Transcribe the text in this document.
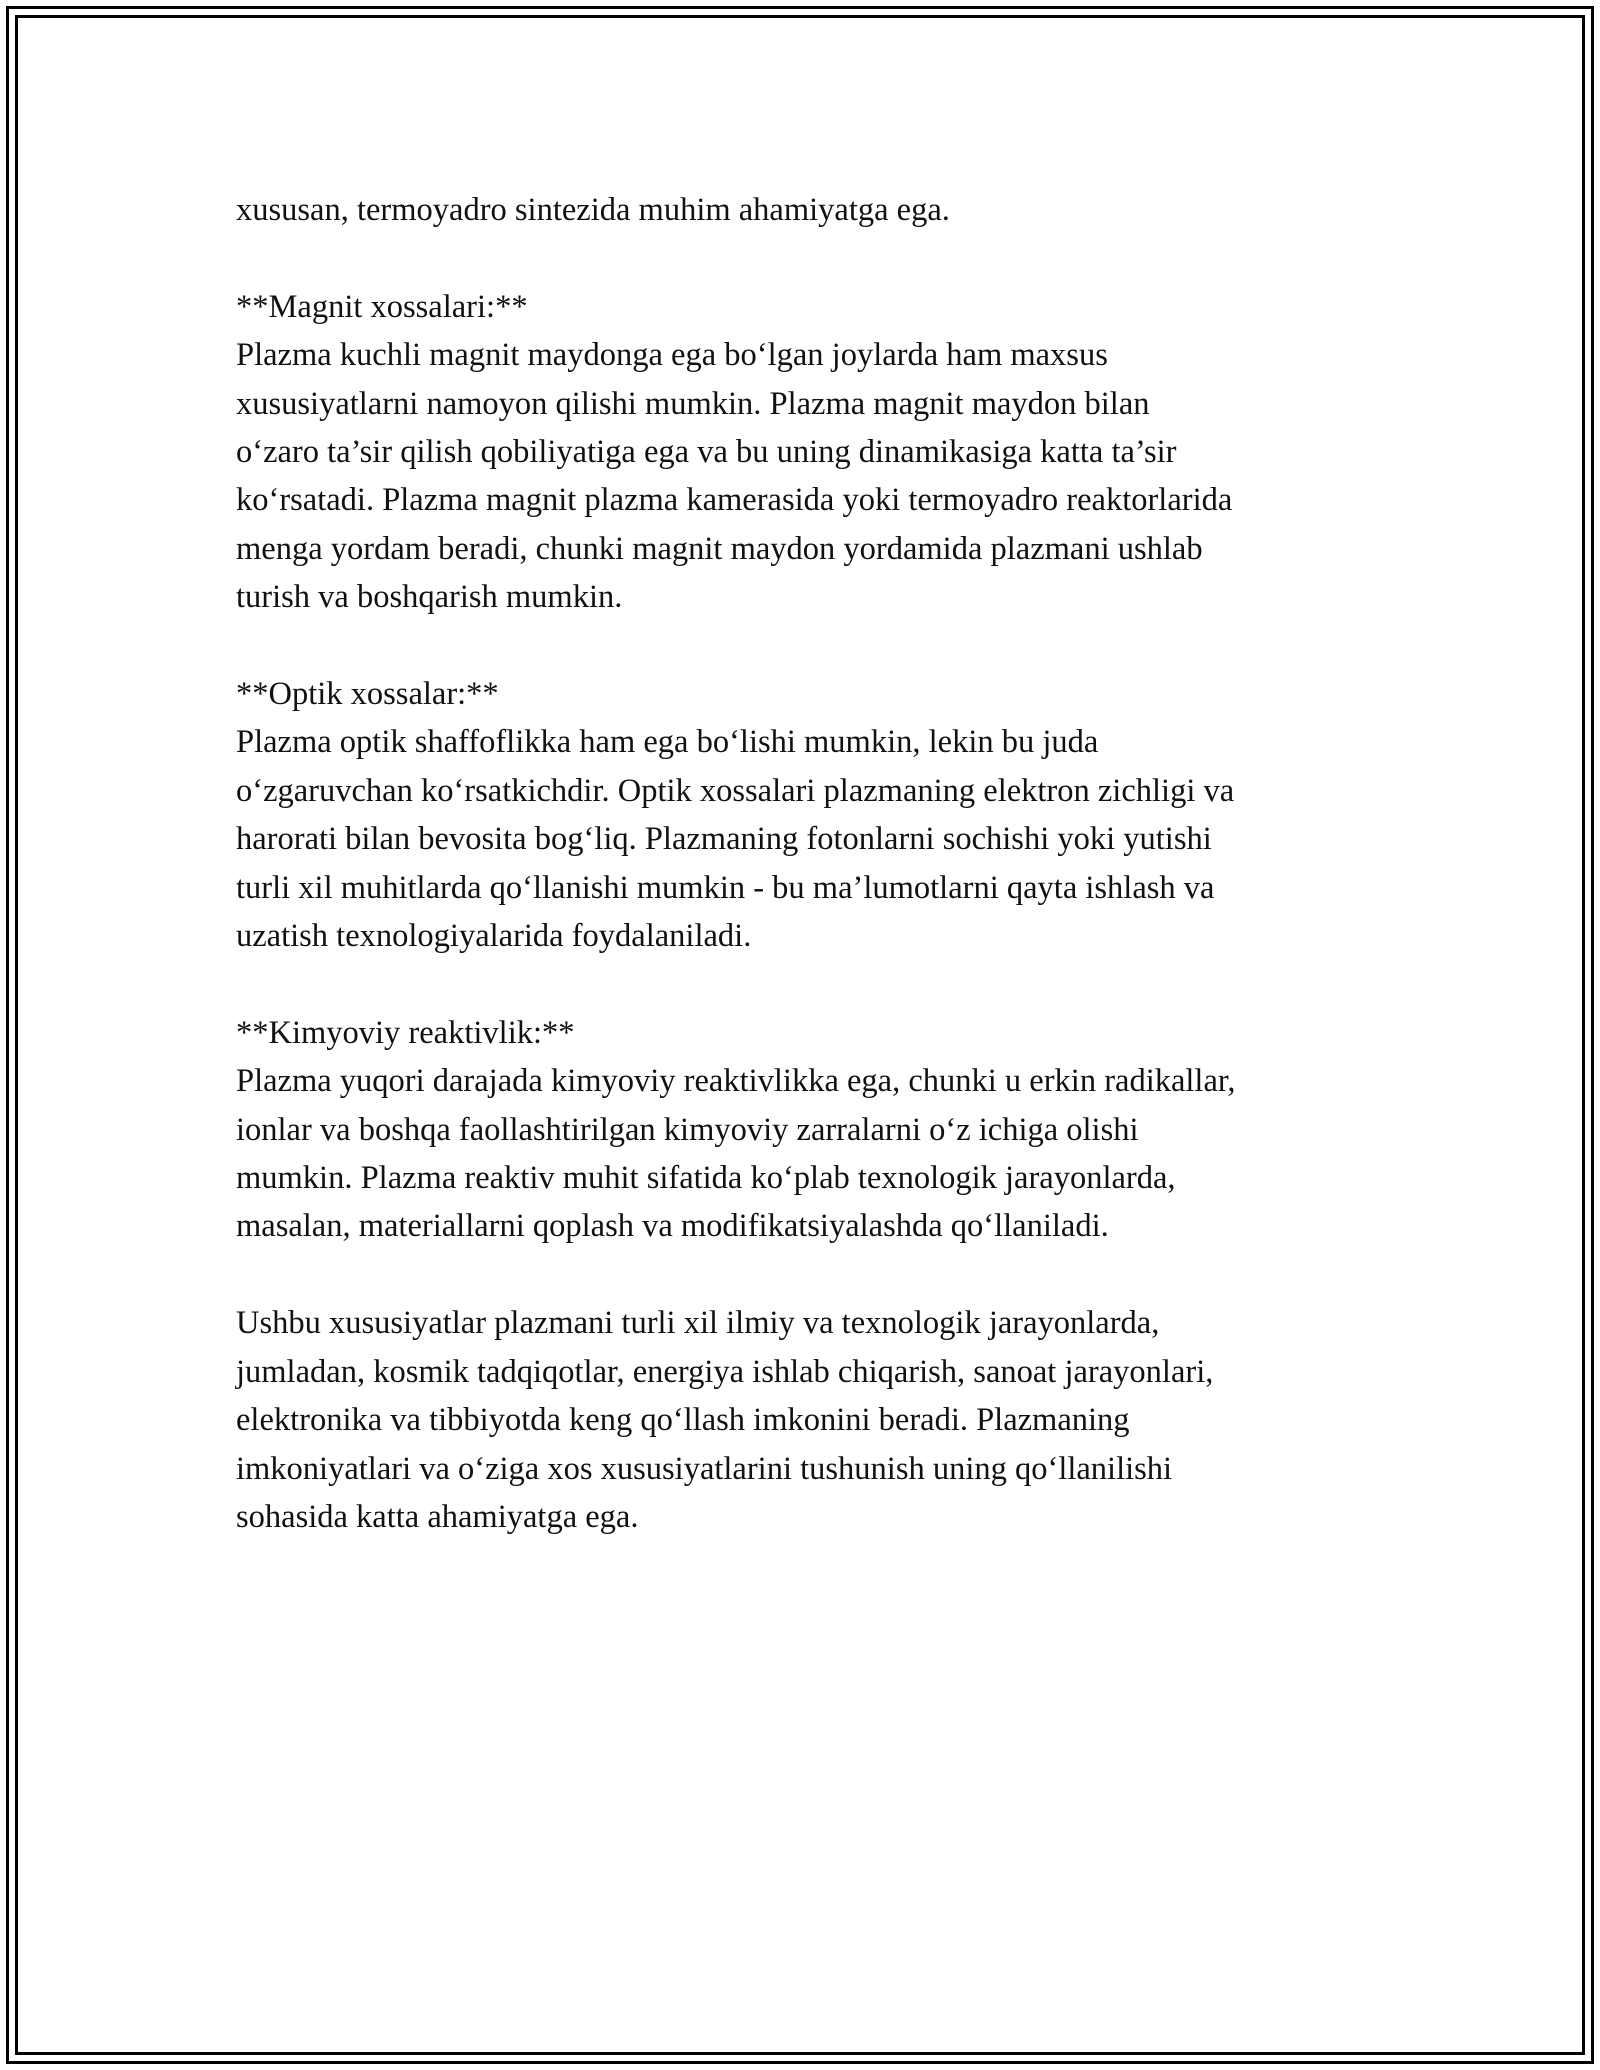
xususan, termoyadro sintezida muhim ahamiyatga ega.

**Magnit xossalari:**

Plazma kuchli magnit maydonga ega bo‘lgan joylarda ham maxsus

xususiyatlarni namoyon qilishi mumkin. Plazma magnit maydon bilan

o‘zaro ta’sir qilish qobiliyatiga ega va bu uning dinamikasiga katta ta’sir

ko‘rsatadi. Plazma magnit plazma kamerasida yoki termoyadro reaktorlarida

menga yordam beradi, chunki magnit maydon yordamida plazmani ushlab

turish va boshqarish mumkin.

**Optik xossalar:**

Plazma optik shaffoflikka ham ega bo‘lishi mumkin, lekin bu juda

o‘zgaruvchan ko‘rsatkichdir. Optik xossalari plazmaning elektron zichligi va

harorati bilan bevosita bog‘liq. Plazmaning fotonlarni sochishi yoki yutishi

turli xil muhitlarda qo‘llanishi mumkin - bu ma’lumotlarni qayta ishlash va

uzatish texnologiyalarida foydalaniladi.

**Kimyoviy reaktivlik:**

Plazma yuqori darajada kimyoviy reaktivlikka ega, chunki u erkin radikallar,

ionlar va boshqa faollashtirilgan kimyoviy zarralarni o‘z ichiga olishi

mumkin. Plazma reaktiv muhit sifatida ko‘plab texnologik jarayonlarda,

masalan, materiallarni qoplash va modifikatsiyalashda qo‘llaniladi.

Ushbu xususiyatlar plazmani turli xil ilmiy va texnologik jarayonlarda,

jumladan, kosmik tadqiqotlar, energiya ishlab chiqarish, sanoat jarayonlari,

elektronika va tibbiyotda keng qo‘llash imkonini beradi. Plazmaning

imkoniyatlari va o‘ziga xos xususiyatlarini tushunish uning qo‘llanilishi

sohasida katta ahamiyatga ega.
